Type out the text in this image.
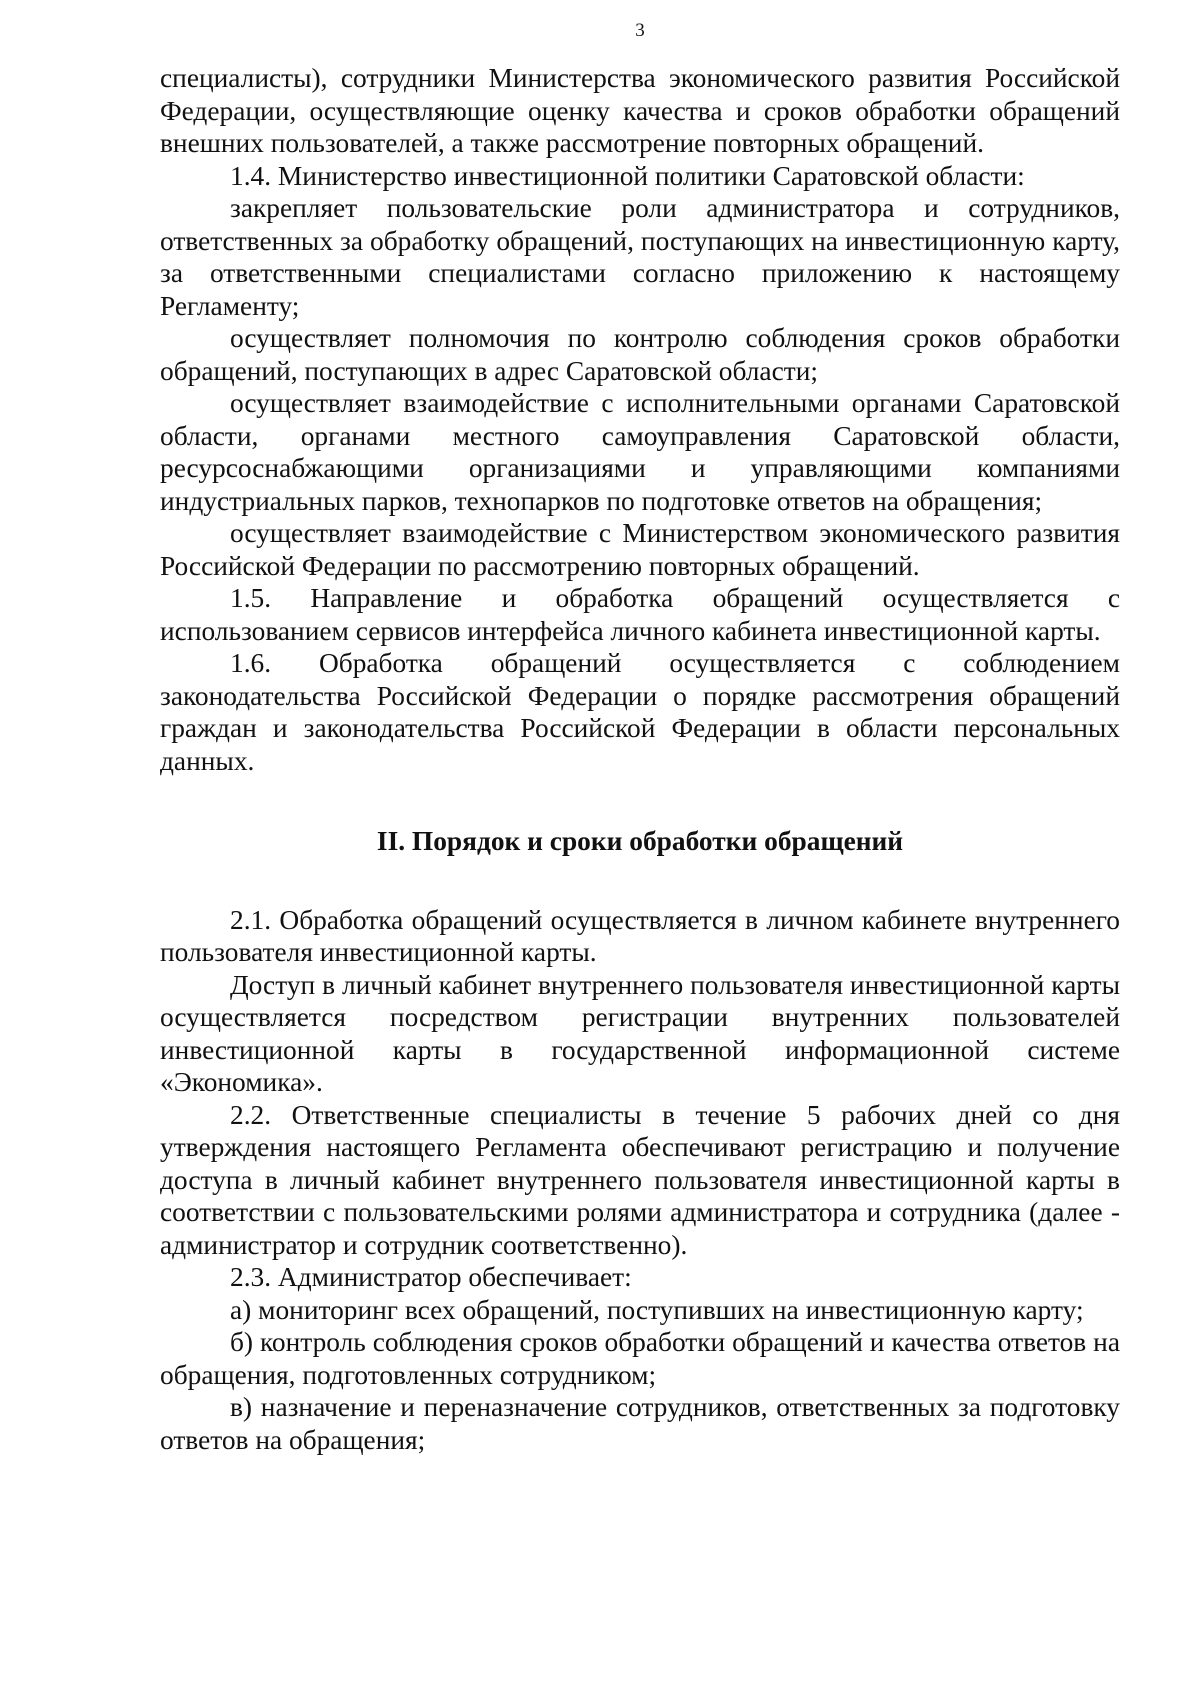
3

специалисты), сотрудники Министерства экономического развития Российской Федерации, осуществляющие оценку качества и сроков обработки обращений внешних пользователей, а также рассмотрение повторных обращений.

1.4. Министерство инвестиционной политики Саратовской области:

закрепляет пользовательские роли администратора и сотрудников, ответственных за обработку обращений, поступающих на инвестиционную карту, за ответственными специалистами согласно приложению к настоящему Регламенту;

осуществляет полномочия по контролю соблюдения сроков обработки обращений, поступающих в адрес Саратовской области;

осуществляет взаимодействие с исполнительными органами Саратовской области, органами местного самоуправления Саратовской области, ресурсоснабжающими организациями и управляющими компаниями индустриальных парков, технопарков по подготовке ответов на обращения;

осуществляет взаимодействие с Министерством экономического развития Российской Федерации по рассмотрению повторных обращений.

1.5. Направление и обработка обращений осуществляется с использованием сервисов интерфейса личного кабинета инвестиционной карты.

1.6. Обработка обращений осуществляется с соблюдением законодательства Российской Федерации о порядке рассмотрения обращений граждан и законодательства Российской Федерации в области персональных данных.

II. Порядок и сроки обработки обращений

2.1. Обработка обращений осуществляется в личном кабинете внутреннего пользователя инвестиционной карты.

Доступ в личный кабинет внутреннего пользователя инвестиционной карты осуществляется посредством регистрации внутренних пользователей инвестиционной карты в государственной информационной системе «Экономика».

2.2. Ответственные специалисты в течение 5 рабочих дней со дня утверждения настоящего Регламента обеспечивают регистрацию и получение доступа в личный кабинет внутреннего пользователя инвестиционной карты в соответствии с пользовательскими ролями администратора и сотрудника (далее - администратор и сотрудник соответственно).

2.3. Администратор обеспечивает:

а) мониторинг всех обращений, поступивших на инвестиционную карту;

б) контроль соблюдения сроков обработки обращений и качества ответов на обращения, подготовленных сотрудником;

в) назначение и переназначение сотрудников, ответственных за подготовку ответов на обращения;
